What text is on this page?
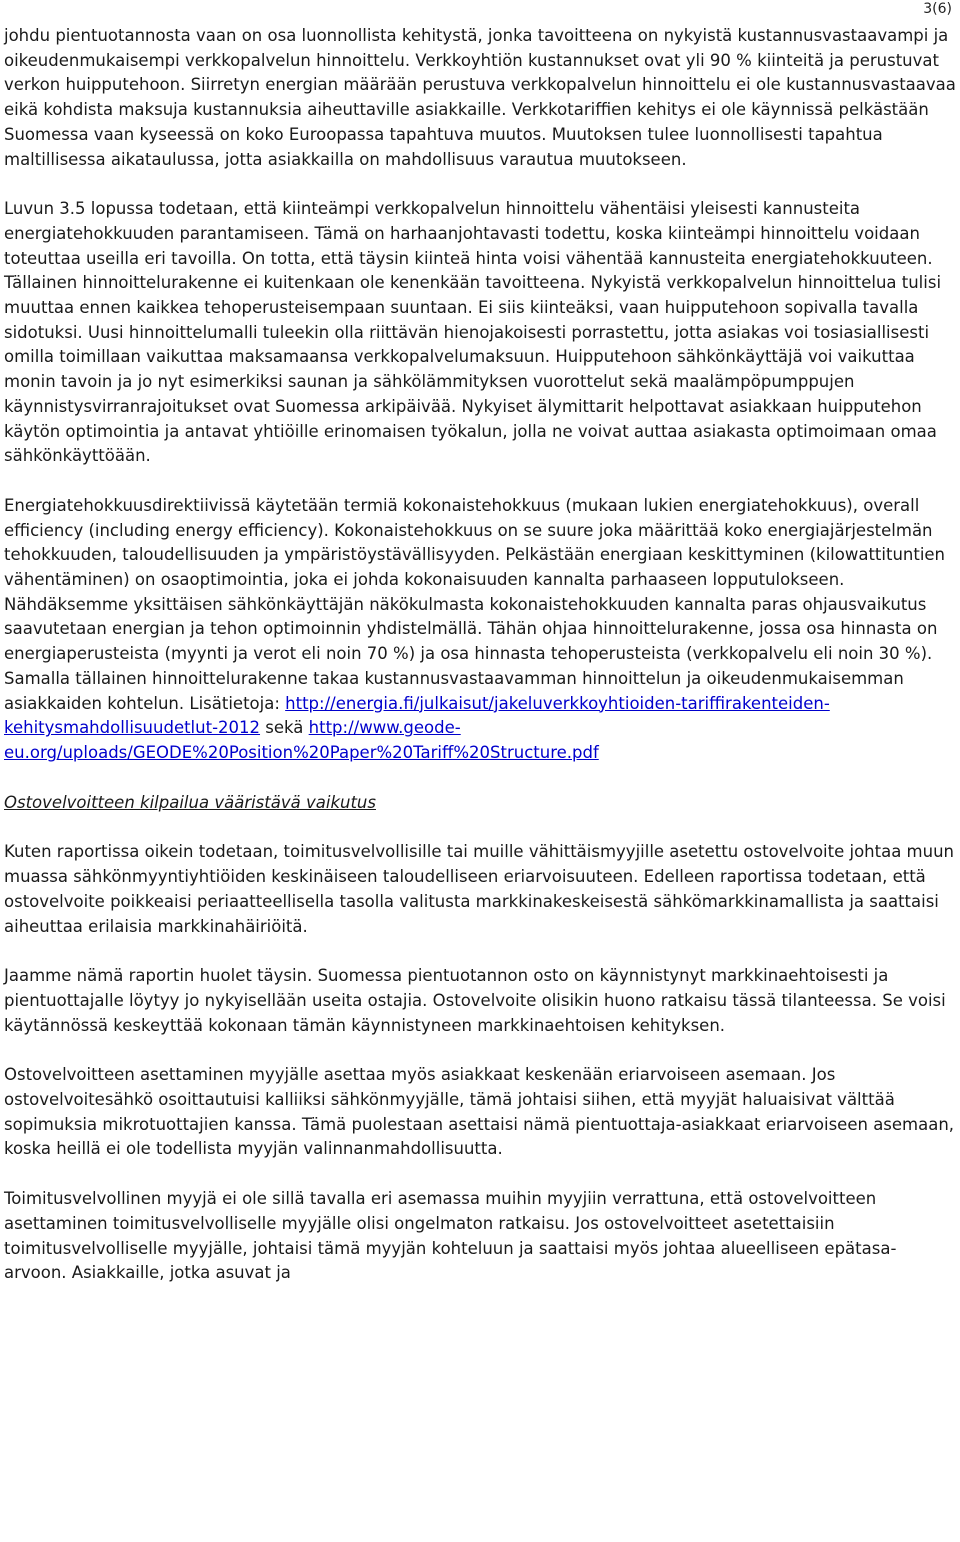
3(6)

johdu pientuotannosta vaan on osa luonnollista kehitystä, jonka tavoitteena on nykyistä kustannusvastaavampi ja oikeudenmukaisempi verkkopalvelun hinnoittelu. Verkkoyhtiön kustannukset ovat yli 90 % kiinteitä ja perustuvat verkon huipputehoon. Siirretyn energian määrään perustuva verkkopalvelun hinnoittelu ei ole kustannusvastaavaa eikä kohdista maksuja kustannuksia aiheuttaville asiakkaille. Verkkotariffien kehitys ei ole käynnissä pelkästään Suomessa vaan kyseessä on koko Euroopassa tapahtuva muutos. Muutoksen tulee luonnollisesti tapahtua maltillisessa aikataulussa, jotta asiakkailla on mahdollisuus varautua muutokseen.

Luvun 3.5 lopussa todetaan, että kiinteämpi verkkopalvelun hinnoittelu vähentäisi yleisesti kannusteita energiatehokkuuden parantamiseen. Tämä on harhaanjohtavasti todettu, koska kiinteämpi hinnoittelu voidaan toteuttaa useilla eri tavoilla. On totta, että täysin kiinteä hinta voisi vähentää kannusteita energiatehokkuuteen. Tällainen hinnoittelurakenne ei kuitenkaan ole kenenkään tavoitteena. Nykyistä verkkopalvelun hinnoittelua tulisi muuttaa ennen kaikkea tehoperusteisempaan suuntaan. Ei siis kiinteäksi, vaan huipputehoon sopivalla tavalla sidotuksi. Uusi hinnoittelumalli tuleekin olla riittävän hienojakoisesti porrastettu, jotta asiakas voi tosiasiallisesti omilla toimillaan vaikuttaa maksamaansa verkkopalvelumaksuun. Huipputehoon sähkönkäyttäjä voi vaikuttaa monin tavoin ja jo nyt esimerkiksi saunan ja sähkölämmityksen vuorottelut sekä maalämpöpumppujen käynnistysvirranrajoitukset ovat Suomessa arkipäivää. Nykyiset älymittarit helpottavat asiakkaan huipputehon käytön optimointia ja antavat yhtiöille erinomaisen työkalun, jolla ne voivat auttaa asiakasta optimoimaan omaa sähkönkäyttöään.

Energiatehokkuusdirektiivissä käytetään termiä kokonaistehokkuus (mukaan lukien energiatehokkuus), overall efficiency (including energy efficiency). Kokonaistehokkuus on se suure joka määrittää koko energiajärjestelmän tehokkuuden, taloudellisuuden ja ympäristöystävällisyyden. Pelkästään energiaan keskittyminen (kilowattituntien vähentäminen) on osaoptimointia, joka ei johda kokonaisuuden kannalta parhaaseen lopputulokseen. Nähdäksemme yksittäisen sähkönkäyttäjän näkökulmasta kokonaistehokkuuden kannalta paras ohjausvaikutus saavutetaan energian ja tehon optimoinnin yhdistelmällä. Tähän ohjaa hinnoittelurakenne, jossa osa hinnasta on energiaperusteista (myynti ja verot eli noin 70 %) ja osa hinnasta tehoperusteista (verkkopalvelu eli noin 30 %). Samalla tällainen hinnoittelurakenne takaa kustannusvastaavamman hinnoittelun ja oikeudenmukaisemman asiakkaiden kohtelun. Lisätietoja: http://energia.fi/julkaisut/jakeluverkkoyhtioiden-tariffirakenteiden-kehitysmahdollisuudetlut-2012 sekä http://www.geode-eu.org/uploads/GEODE%20Position%20Paper%20Tariff%20Structure.pdf

Ostovelvoitteen kilpailua vääristävä vaikutus

Kuten raportissa oikein todetaan, toimitusvelvollisille tai muille vähittäismyyjille asetettu ostovelvoite johtaa muun muassa sähkönmyyntiyhtiöiden keskinäiseen taloudelliseen eriarvoisuuteen. Edelleen raportissa todetaan, että ostovelvoite poikkeaisi periaatteellisella tasolla valitusta markkinakeskeisestä sähkömarkkinamallista ja saattaisi aiheuttaa erilaisia markkinahäiriöitä.

Jaamme nämä raportin huolet täysin. Suomessa pientuotannon osto on käynnistynyt markkinaehtoisesti ja pientuottajalle löytyy jo nykyisellään useita ostajia. Ostovelvoite olisikin huono ratkaisu tässä tilanteessa. Se voisi käytännössä keskeyttää kokonaan tämän käynnistyneen markkinaehtoisen kehityksen.

Ostovelvoitteen asettaminen myyjälle asettaa myös asiakkaat keskenään eriarvoiseen asemaan. Jos ostovelvoitesähkö osoittautuisi kalliiksi sähkönmyyjälle, tämä johtaisi siihen, että myyjät haluaisivat välttää sopimuksia mikrotuottajien kanssa. Tämä puolestaan asettaisi nämä pientuottaja-asiakkaat eriarvoiseen asemaan, koska heillä ei ole todellista myyjän valinnanmahdollisuutta.

Toimitusvelvollinen myyjä ei ole sillä tavalla eri asemassa muihin myyjiin verrattuna, että ostovelvoitteen asettaminen toimitusvelvolliselle myyjälle olisi ongelmaton ratkaisu. Jos ostovelvoitteet asetettaisiin toimitusvelvolliselle myyjälle, johtaisi tämä myyjän kohteluun ja saattaisi myös johtaa alueelliseen epätasa-arvoon. Asiakkaille, jotka asuvat ja
